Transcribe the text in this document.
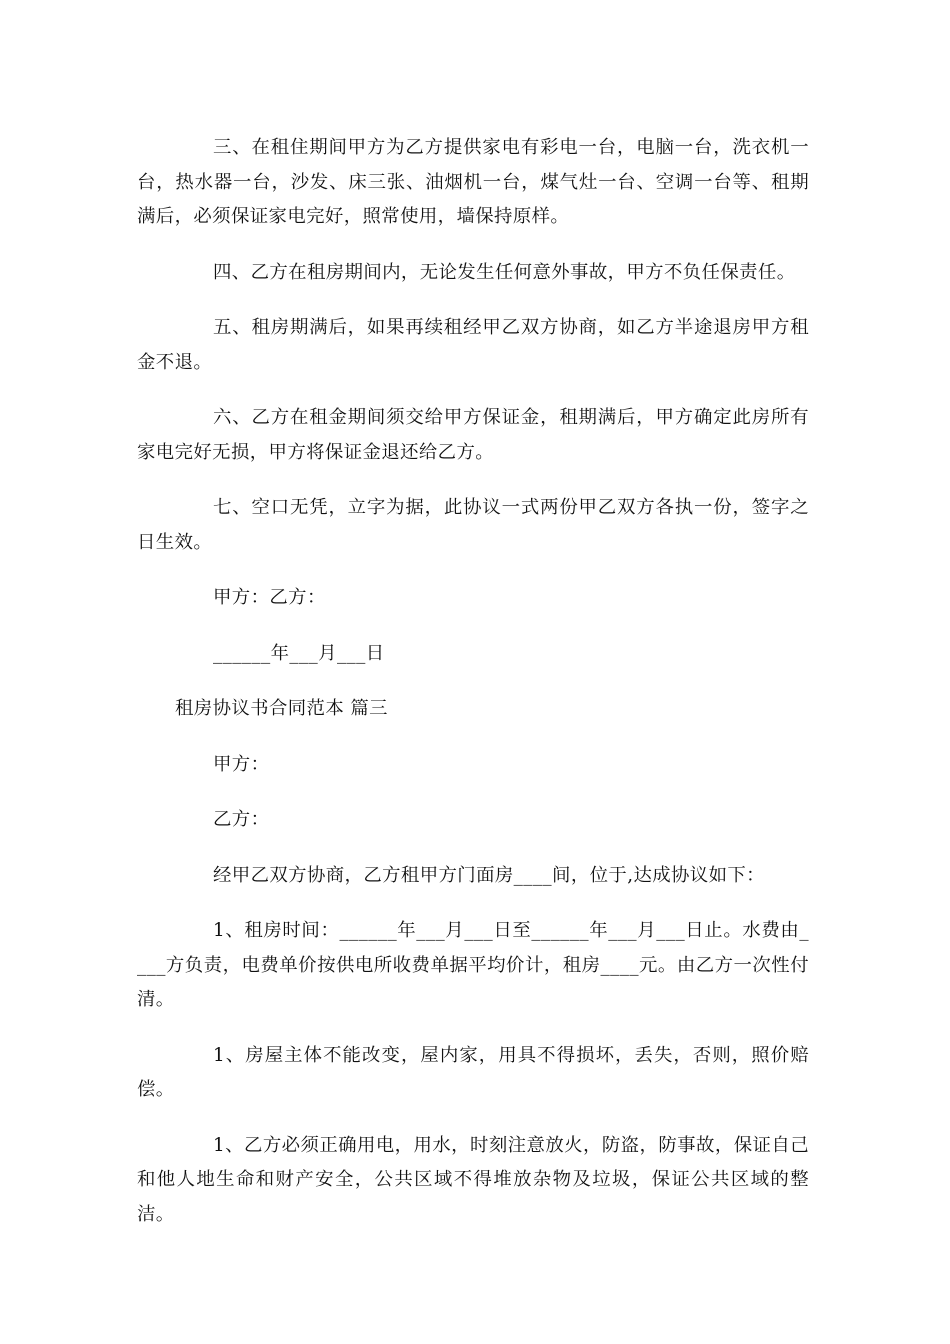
三、在租住期间甲方为乙方提供家电有彩电一台，电脑一台，洗衣机一台，热水器一台，沙发、床三张、油烟机一台，煤气灶一台、空调一台等、租期满后，必须保证家电完好，照常使用，墙保持原样。

四、乙方在租房期间内，无论发生任何意外事故，甲方不负任保责任。

五、租房期满后，如果再续租经甲乙双方协商，如乙方半途退房甲方租金不退。

六、乙方在租金期间须交给甲方保证金，租期满后，甲方确定此房所有家电完好无损，甲方将保证金退还给乙方。

七、空口无凭，立字为据，此协议一式两份甲乙双方各执一份，签字之日生效。

甲方：乙方：

______年___月___日

租房协议书合同范本 篇三

甲方：

乙方：

经甲乙双方协商，乙方租甲方门面房____间，位于,达成协议如下：

1、租房时间：______年___月___日至______年___月___日止。水费由____方负责，电费单价按供电所收费单据平均价计，租房____元。由乙方一次性付清。

1、房屋主体不能改变，屋内家，用具不得损坏，丢失，否则，照价赔偿。

1、乙方必须正确用电，用水，时刻注意放火，防盗，防事故，保证自己和他人地生命和财产安全，公共区域不得堆放杂物及垃圾，保证公共区域的整洁。
